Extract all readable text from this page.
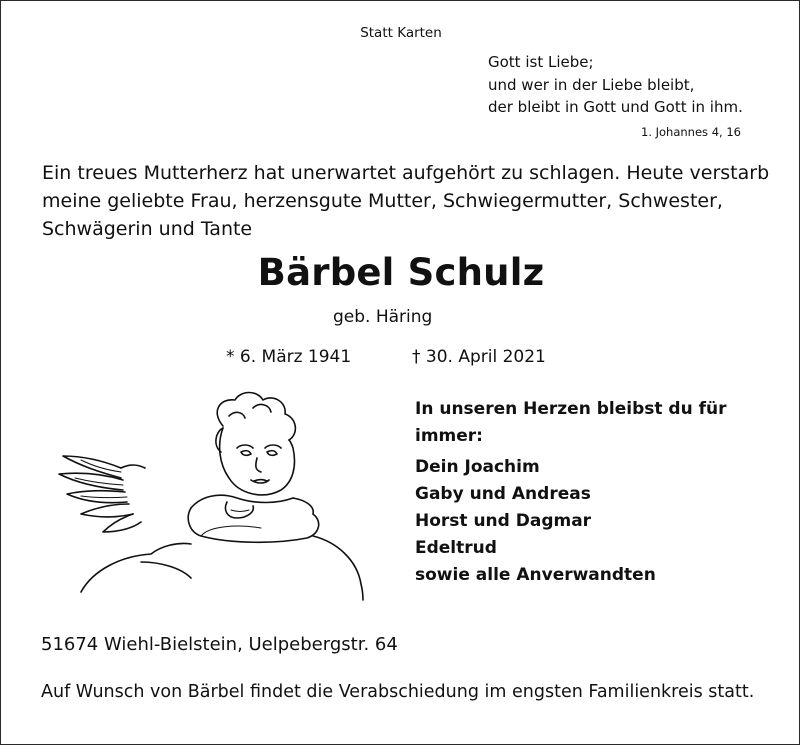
Statt Karten
Gott ist Liebe;
und wer in der Liebe bleibt,
der bleibt in Gott und Gott in ihm.
1. Johannes 4, 16
Ein treues Mutterherz hat unerwartet aufgehört zu schlagen. Heute verstarb
meine geliebte Frau, herzensgute Mutter, Schwiegermutter, Schwester,
Schwägerin und Tante
Bärbel Schulz
geb. Häring
* 6. März 1941	† 30. April 2021
In unseren Herzen bleibst du für
immer:
Dein Joachim
Gaby und Andreas
Horst und Dagmar
Edeltrud
sowie alle Anverwandten
51674 Wiehl-Bielstein, Uelpebergstr. 64
Auf Wunsch von Bärbel findet die Verabschiedung im engsten Familienkreis statt.
